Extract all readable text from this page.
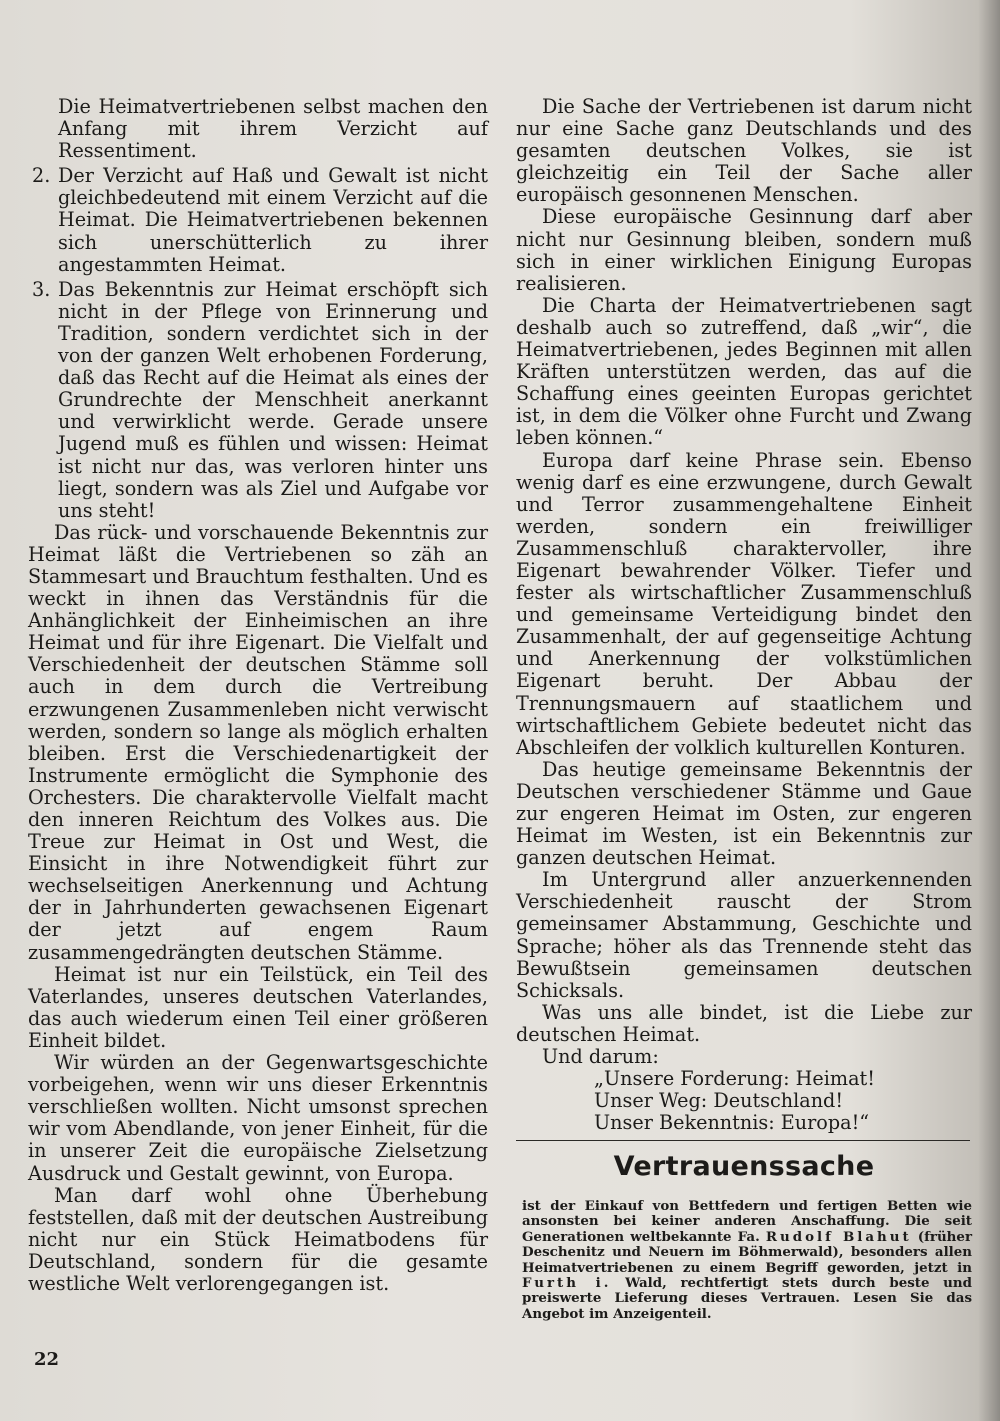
Die Heimatvertriebenen selbst machen den Anfang mit ihrem Verzicht auf Ressentiment.

2. Der Verzicht auf Haß und Gewalt ist nicht gleichbedeutend mit einem Verzicht auf die Heimat. Die Heimatvertriebenen bekennen sich unerschütterlich zu ihrer angestammten Heimat.

3. Das Bekenntnis zur Heimat erschöpft sich nicht in der Pflege von Erinnerung und Tradition, sondern verdichtet sich in der von der ganzen Welt erhobenen Forderung, daß das Recht auf die Heimat als eines der Grundrechte der Menschheit anerkannt und verwirklicht werde. Gerade unsere Jugend muß es fühlen und wissen: Heimat ist nicht nur das, was verloren hinter uns liegt, sondern was als Ziel und Aufgabe vor uns steht!

Das rück- und vorschauende Bekenntnis zur Heimat läßt die Vertriebenen so zäh an Stammesart und Brauchtum festhalten. Und es weckt in ihnen das Verständnis für die Anhänglichkeit der Einheimischen an ihre Heimat und für ihre Eigenart. Die Vielfalt und Verschiedenheit der deutschen Stämme soll auch in dem durch die Vertreibung erzwungenen Zusammenleben nicht verwischt werden, sondern so lange als möglich erhalten bleiben. Erst die Verschiedenartigkeit der Instrumente ermöglicht die Symphonie des Orchesters. Die charaktervolle Vielfalt macht den inneren Reichtum des Volkes aus. Die Treue zur Heimat in Ost und West, die Einsicht in ihre Notwendigkeit führt zur wechselseitigen Anerkennung und Achtung der in Jahrhunderten gewachsenen Eigenart der jetzt auf engem Raum zusammengedrängten deutschen Stämme.

Heimat ist nur ein Teilstück, ein Teil des Vaterlandes, unseres deutschen Vaterlandes, das auch wiederum einen Teil einer größeren Einheit bildet.

Wir würden an der Gegenwartsgeschichte vorbeigehen, wenn wir uns dieser Erkenntnis verschließen wollten. Nicht umsonst sprechen wir vom Abendlande, von jener Einheit, für die in unserer Zeit die europäische Zielsetzung Ausdruck und Gestalt gewinnt, von Europa.

Man darf wohl ohne Überhebung feststellen, daß mit der deutschen Austreibung nicht nur ein Stück Heimatbodens für Deutschland, sondern für die gesamte westliche Welt verlorengegangen ist.

Die Sache der Vertriebenen ist darum nicht nur eine Sache ganz Deutschlands und des gesamten deutschen Volkes, sie ist gleichzeitig ein Teil der Sache aller europäisch gesonnenen Menschen.

Diese europäische Gesinnung darf aber nicht nur Gesinnung bleiben, sondern muß sich in einer wirklichen Einigung Europas realisieren.

Die Charta der Heimatvertriebenen sagt deshalb auch so zutreffend, daß „wir“, die Heimatvertriebenen, jedes Beginnen mit allen Kräften unterstützen werden, das auf die Schaffung eines geeinten Europas gerichtet ist, in dem die Völker ohne Furcht und Zwang leben können.“

Europa darf keine Phrase sein. Ebenso wenig darf es eine erzwungene, durch Gewalt und Terror zusammengehaltene Einheit werden, sondern ein freiwilliger Zusammenschluß charaktervoller, ihre Eigenart bewahrender Völker. Tiefer und fester als wirtschaftlicher Zusammenschluß und gemeinsame Verteidigung bindet den Zusammenhalt, der auf gegenseitige Achtung und Anerkennung der volkstümlichen Eigenart beruht. Der Abbau der Trennungsmauern auf staatlichem und wirtschaftlichem Gebiete bedeutet nicht das Abschleifen der volklich kulturellen Konturen.

Das heutige gemeinsame Bekenntnis der Deutschen verschiedener Stämme und Gaue zur engeren Heimat im Osten, zur engeren Heimat im Westen, ist ein Bekenntnis zur ganzen deutschen Heimat.

Im Untergrund aller anzuerkennenden Verschiedenheit rauscht der Strom gemeinsamer Abstammung, Geschichte und Sprache; höher als das Trennende steht das Bewußtsein gemeinsamen deutschen Schicksals.

Was uns alle bindet, ist die Liebe zur deutschen Heimat.

Und darum:

„Unsere Forderung: Heimat!
Unser Weg: Deutschland!
Unser Bekenntnis: Europa!“
Vertrauenssache
ist der Einkauf von Bettfedern und fertigen Betten wie ansonsten bei keiner anderen Anschaffung. Die seit Generationen weltbekannte Fa. Rudolf Blahut (früher Deschenitz und Neuern im Böhmerwald), besonders allen Heimatvertriebenen zu einem Begriff geworden, jetzt in Furth i. Wald, rechtfertigt stets durch beste und preiswerte Lieferung dieses Vertrauen. Lesen Sie das Angebot im Anzeigenteil.
22
